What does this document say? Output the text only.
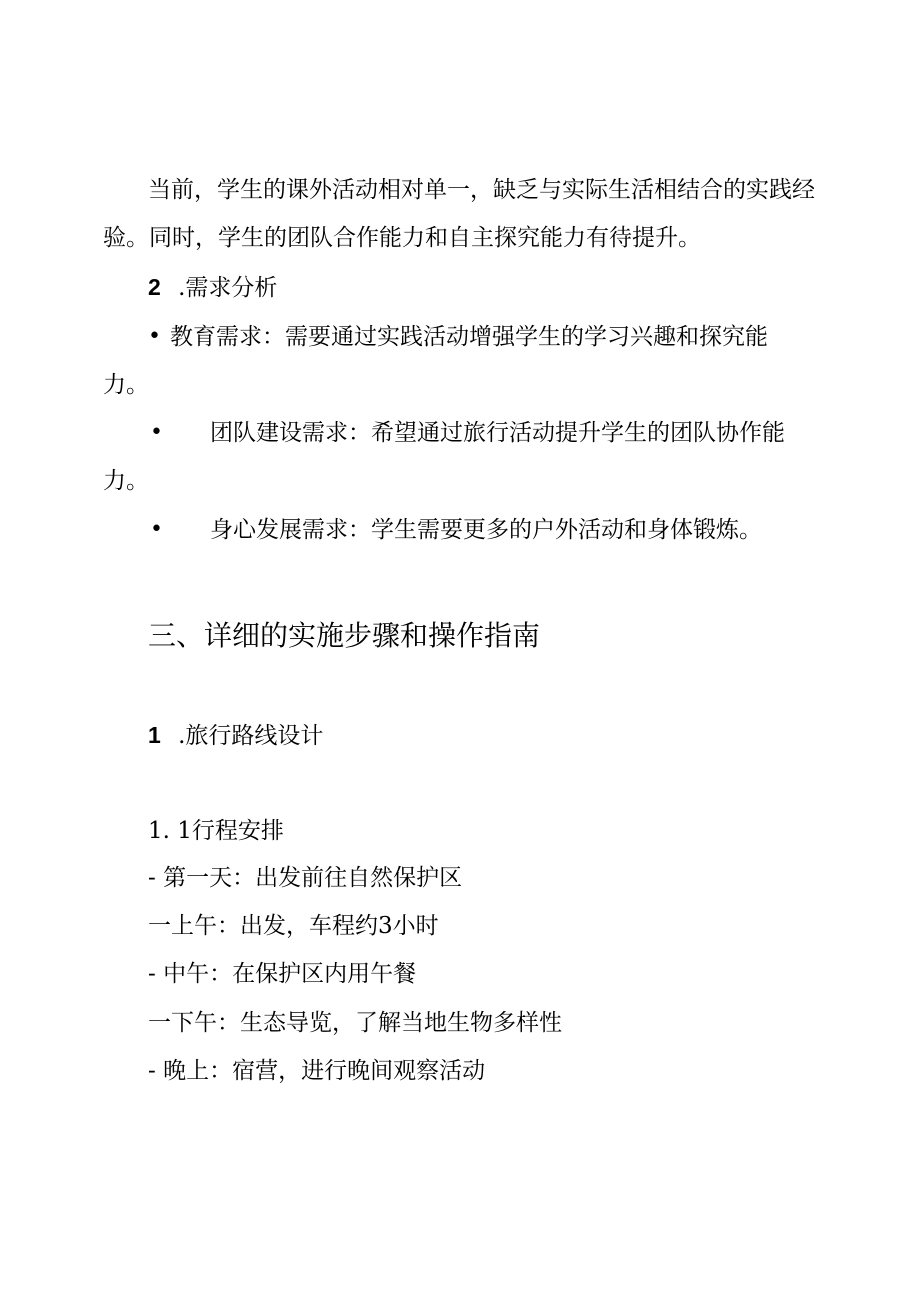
当前，学生的课外活动相对单一，缺乏与实际生活相结合的实践经
验。同时，学生的团队合作能力和自主探究能力有待提升。
2 .需求分析
• 教育需求：需要通过实践活动增强学生的学习兴趣和探究能
力。
• 团队建设需求：希望通过旅行活动提升学生的团队协作能
力。
• 身心发展需求：学生需要更多的户外活动和身体锻炼。
三、详细的实施步骤和操作指南
1 .旅行路线设计
1. 1行程安排
- 第一天：出发前往自然保护区
一上午：出发，车程约3小时
- 中午：在保护区内用午餐
一下午：生态导览，了解当地生物多样性
- 晚上：宿营，进行晚间观察活动
